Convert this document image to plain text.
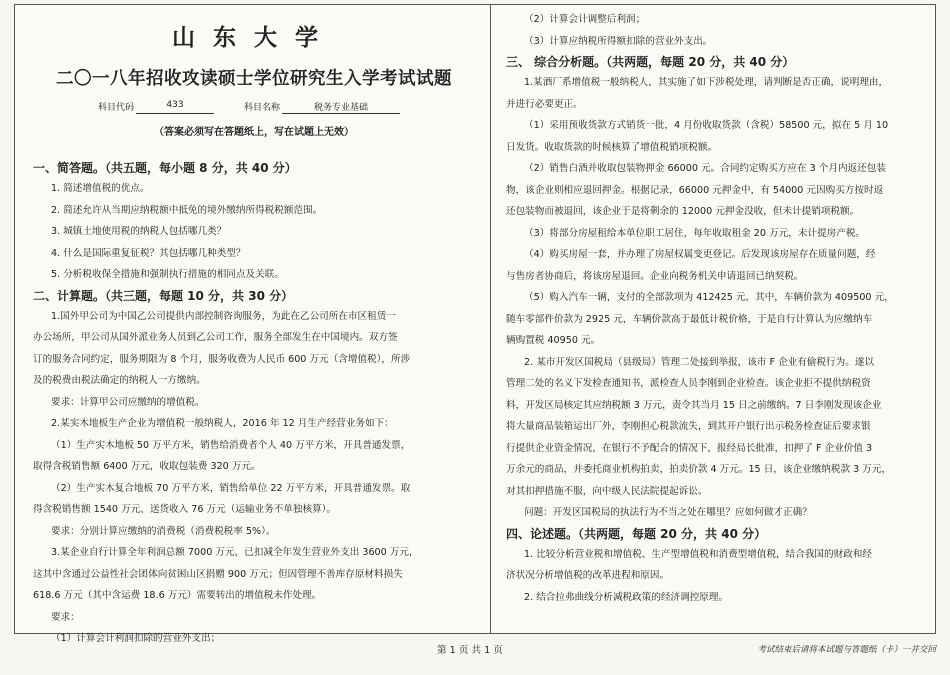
山东大学
二〇一八年招收攻读硕士学位研究生入学考试试题
科目代码	433	科目名称	税务专业基础
（答案必须写在答题纸上，写在试题上无效）
一、简答题。（共五题，每小题 8 分，共 40 分）

1. 简述增值税的优点。

2. 简述允许从当期应纳税额中抵免的境外缴纳所得税税额范围。

3. 城镇土地使用税的纳税人包括哪几类？

4. 什么是国际重复征税？其包括哪几种类型？

5. 分析税收保全措施和强制执行措施的相同点及关联。

二、计算题。（共三题，每题 10 分，共 30 分）

1.国外甲公司为中国乙公司提供内部控制咨询服务，为此在乙公司所在市区租赁一

办公场所，甲公司从国外派业务人员到乙公司工作，服务全部发生在中国境内。双方签

订的服务合同约定，服务期限为 8 个月，服务收费为人民币 600 万元（含增值税），所涉

及的税费由税法确定的纳税人一方缴纳。

要求：计算甲公司应缴纳的增值税。

2.某实木地板生产企业为增值税一般纳税人，2016 年 12 月生产经营业务如下：

（1）生产实木地板 50 万平方米，销售给消费者个人 40 万平方米，开具普通发票，

取得含税销售额 6400 万元，收取包装费 320 万元。

（2）生产实木复合地板 70 万平方米，销售给单位 22 万平方米，开具普通发票。取

得含税销售额 1540 万元、送货收入 76 万元（运输业务不单独核算）。

要求：分别计算应缴纳的消费税（消费税税率 5%）。

3.某企业自行计算全年利润总额 7000 万元，已扣减全年发生营业外支出 3600 万元，

这其中含通过公益性社会团体向贫困山区捐赠 900 万元；但因管理不善库存原材料损失

618.6 万元（其中含运费 18.6 万元）需要转出的增值税未作处理。

要求：

（1）计算会计利润扣除的营业外支出；

（2）计算会计调整后利润；

（3）计算应纳税所得额扣除的营业外支出。

三、 综合分析题。（共两题，每题 20 分，共 40 分）

1.某酒厂系增值税一般纳税人，其实施了如下涉税处理，请判断是否正确，说明理由，

并进行必要更正。

（1）采用预收货款方式销货一批，4 月份收取货款（含税）58500 元，拟在 5 月 10

日发货。收取货款的时候核算了增值税销项税额。

（2）销售白酒并收取包装物押金 66000 元。合同约定购买方应在 3 个月内返还包装

物，该企业则相应退回押金。根据记录，66000 元押金中，有 54000 元因购买方按时返

还包装物而被退回，该企业于是将剩余的 12000 元押金没收，但未计提销项税额。

（3）将部分房屋租给本单位职工居住，每年收取租金 20 万元，未计提房产税。

（4）购买房屋一套，并办理了房屋权属变更登记。后发现该房屋存在质量问题，经

与售房者协商后，将该房屋退回。企业向税务机关申请退回已纳契税。

（5）购入汽车一辆，支付的全部款项为 412425 元，其中，车辆价款为 409500 元，

随车零部件价款为 2925 元，车辆价款高于最低计税价格，于是自行计算认为应缴纳车

辆购置税 40950 元。

2. 某市开发区国税局（县级局）管理二处接到举报，该市 F 企业有偷税行为。遂以

管理二处的名义下发检查通知书，派检查人员李刚到企业检查。该企业拒不提供纳税资

料，开发区局核定其应纳税额 3 万元，责令其当月 15 日之前缴纳。7 日李刚发现该企业

将大量商品装箱运出厂外，李刚担心税款流失，到其开户银行出示税务检查证后要求银

行提供企业资金情况，在银行不予配合的情况下，报经局长批准，扣押了 F 企业价值 3

万余元的商品，并委托商业机构拍卖，拍卖价款 4 万元。15 日，该企业缴纳税款 3 万元，

对其扣押措施不服，向中级人民法院提起诉讼。

问题：开发区国税局的执法行为不当之处在哪里？应如何做才正确？

四、论述题。（共两题，每题 20 分，共 40 分）

1. 比较分析营业税和增值税、生产型增值税和消费型增值税，结合我国的财政和经

济状况分析增值税的改革进程和原因。

2. 结合拉弗曲线分析减税政策的经济调控原理。

第 1 页 共 1 页	考试结束后请将本试题与答题纸（卡）一并交回
